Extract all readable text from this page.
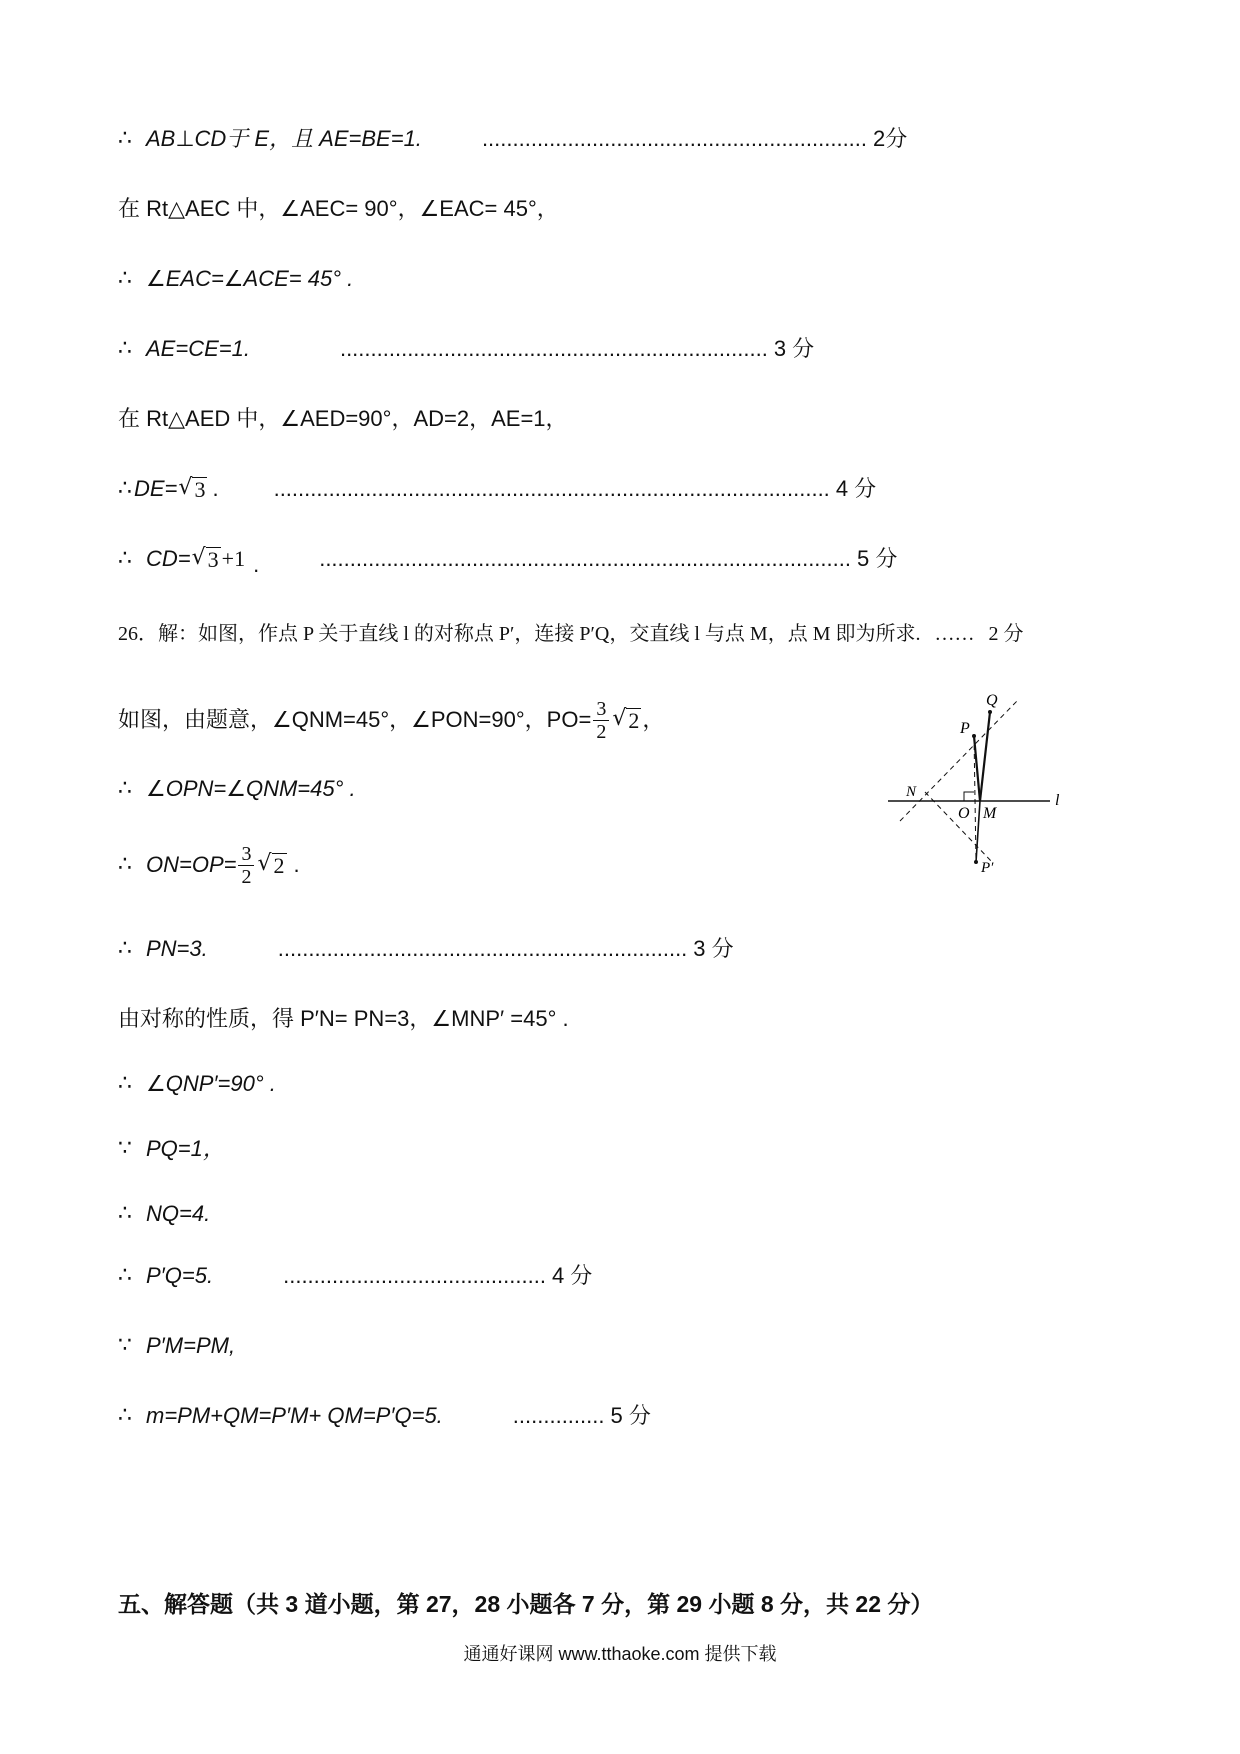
∴ AB⊥CD于 E，且 AE=BE=1.	............................................................... 2分
在 Rt△AEC 中，∠AEC= 90°，∠EAC= 45°，
∴ ∠EAC=∠ACE= 45° .
∴ AE=CE=1.	...................................................................... 3 分
在 Rt△AED 中，∠AED=90°，AD=2，AE=1，
∴ DE= √ 3 .	........................................................................................... 4 分
∴ CD= √ 3 +1 .	....................................................................................... 5 分
26．解：如图，作点 P 关于直线 l 的对称点 P′，连接 P′Q，交直线 l 与点 M，点 M 即为所求. …… 2 分
如图，由题意，∠QNM=45°，∠PON=90°，$PO= \frac{3}{2}$ √ 2 ，
∴ ∠OPN=∠QNM=45° .
∴ $ON=OP= \frac{3}{2}$ √ 2 .
∴ PN=3.	................................................................... 3 分
由对称的性质，得 P′N= PN=3，∠MNP′ =45° .
∴ ∠QNP′=90° .
∵ PQ=1，
∴ NQ=4.
∴ P′Q=5.	........................................... 4 分
∵ P′M=PM,
∴ m=PM+QM=P′M+ QM=P′Q=5.	............... 5 分
五、解答题（共 3 道小题，第 27，28 小题各 7 分，第 29 小题 8 分，共 22 分）
通通好课网 www.tthaoke.com 提供下载
Q
P
N
O M
l
P′
